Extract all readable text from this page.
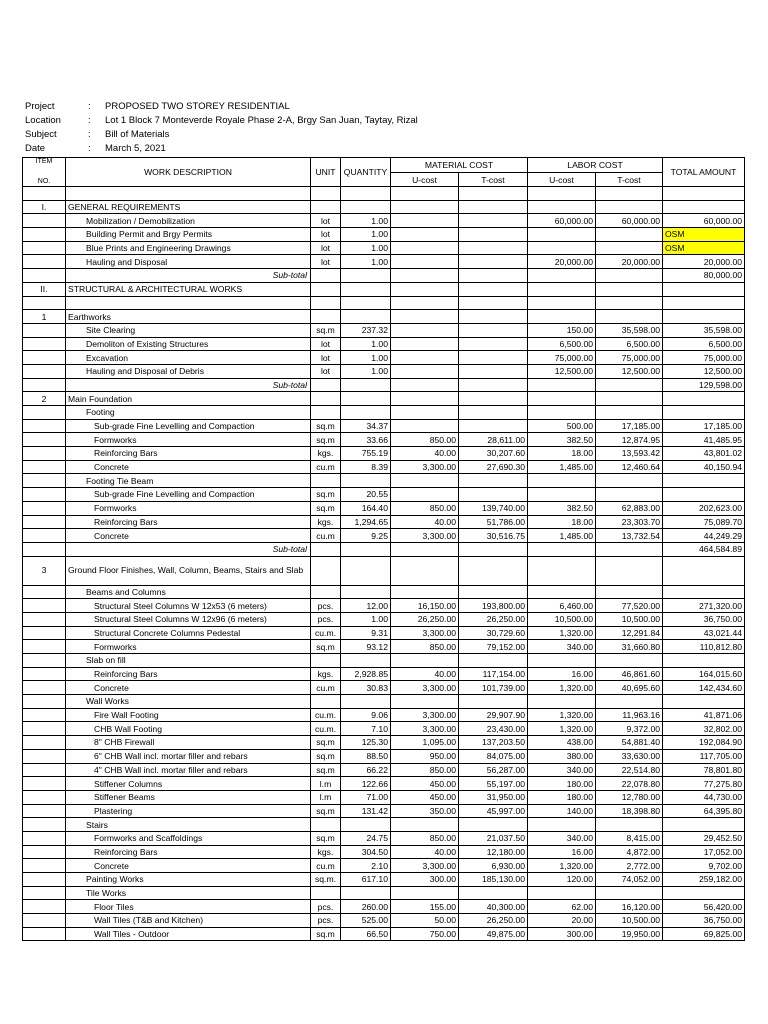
Project	:	PROPOSED TWO STOREY RESIDENTIAL
Location	:	Lot 1 Block 7 Monteverde Royale Phase 2-A, Brgy San Juan, Taytay, Rizal
Subject	:	Bill of Materials
Date	:	March 5, 2021
ITEM
NO.	WORK DESCRIPTION	UNIT	QUANTITY	MATERIAL COST		LABOR COST		TOTAL AMOUNT
				U-cost	T-cost	U-cost	T-cost	

I.	GENERAL REQUIREMENTS							
	Mobilization / Demobilization	lot	1.00			60,000.00	60,000.00	60,000.00
	Building Permit and Brgy Permits	lot	1.00					OSM
	Blue Prints and Engineering Drawings	lot	1.00					OSM
	Hauling and Disposal	lot	1.00			20,000.00	20,000.00	20,000.00
	Sub-total							80,000.00
II.	STRUCTURAL & ARCHITECTURAL WORKS							

1	Earthworks							
	Site Clearing	sq.m	237.32			150.00	35,598.00	35,598.00
	Demoliton of Existing Structures	lot	1.00			6,500.00	6,500.00	6,500.00
	Excavation	lot	1.00			75,000.00	75,000.00	75,000.00
	Hauling and Disposal of Debris	lot	1.00			12,500.00	12,500.00	12,500.00
	Sub-total							129,598.00
2	Main Foundation							
	Footing							
	Sub-grade Fine Levelling and Compaction	sq.m	34.37			500.00	17,185.00	17,185.00
	Formworks	sq.m	33.66	850.00	28,611.00	382.50	12,874.95	41,485.95
	Reinforcing Bars	kgs.	755.19	40.00	30,207.60	18.00	13,593.42	43,801.02
	Concrete	cu.m	8.39	3,300.00	27,690.30	1,485.00	12,460.64	40,150.94
	Footing Tie Beam							
	Sub-grade Fine Levelling and Compaction	sq.m	20.55					
	Formworks	sq.m	164.40	850.00	139,740.00	382.50	62,883.00	202,623.00
	Reinforcing Bars	kgs.	1,294.65	40.00	51,786.00	18.00	23,303.70	75,089.70
	Concrete	cu.m	9.25	3,300.00	30,516.75	1,485.00	13,732.54	44,249.29
	Sub-total							464,584.89
3	Ground Floor Finishes, Wall, Column, Beams, Stairs and Slab							
	Beams and Columns							
	Structural Steel Columns W 12x53 (6 meters)	pcs.	12.00	16,150.00	193,800.00	6,460.00	77,520.00	271,320.00
	Structural Steel Columns W 12x96 (6 meters)	pcs.	1.00	26,250.00	26,250.00	10,500.00	10,500.00	36,750.00
	Structural Concrete Columns Pedestal	cu.m.	9.31	3,300.00	30,729.60	1,320.00	12,291.84	43,021.44
	Formworks	sq.m	93.12	850.00	79,152.00	340.00	31,660.80	110,812.80
	Slab on fill							
	Reinforcing Bars	kgs.	2,928.85	40.00	117,154.00	16.00	46,861.60	164,015.60
	Concrete	cu.m	30.83	3,300.00	101,739.00	1,320.00	40,695.60	142,434.60
	Wall Works							
	Fire Wall Footing	cu.m.	9.06	3,300.00	29,907.90	1,320.00	11,963.16	41,871.06
	CHB Wall Footing	cu.m.	7.10	3,300.00	23,430.00	1,320.00	9,372.00	32,802.00
	8" CHB Firewall	sq.m	125.30	1,095.00	137,203.50	438.00	54,881.40	192,084.90
	6" CHB Wall incl. mortar filler and rebars	sq.m	88.50	950.00	84,075.00	380.00	33,630.00	117,705.00
	4" CHB Wall incl. mortar filler and rebars	sq.m	66.22	850.00	56,287.00	340.00	22,514.80	78,801.80
	Stiffener Columns	l.m	122.66	450.00	55,197.00	180.00	22,078.80	77,275.80
	Stiffener Beams	l.m	71.00	450.00	31,950.00	180.00	12,780.00	44,730.00
	Plastering	sq.m	131.42	350.00	45,997.00	140.00	18,398.80	64,395.80
	Stairs							
	Formworks and Scaffoldings	sq.m	24.75	850.00	21,037.50	340.00	8,415.00	29,452.50
	Reinforcing Bars	kgs.	304.50	40.00	12,180.00	16.00	4,872.00	17,052.00
	Concrete	cu.m	2.10	3,300.00	6,930.00	1,320.00	2,772.00	9,702.00
	Painting Works	sq.m.	617.10	300.00	185,130.00	120.00	74,052.00	259,182.00
	Tile Works							
	Floor Tiles	pcs.	260.00	155.00	40,300.00	62.00	16,120.00	56,420.00
	Wall Tiles (T&B and Kitchen)	pcs.	525.00	50.00	26,250.00	20.00	10,500.00	36,750.00
	Wall Tiles - Outdoor	sq.m	66.50	750.00	49,875.00	300.00	19,950.00	69,825.00
